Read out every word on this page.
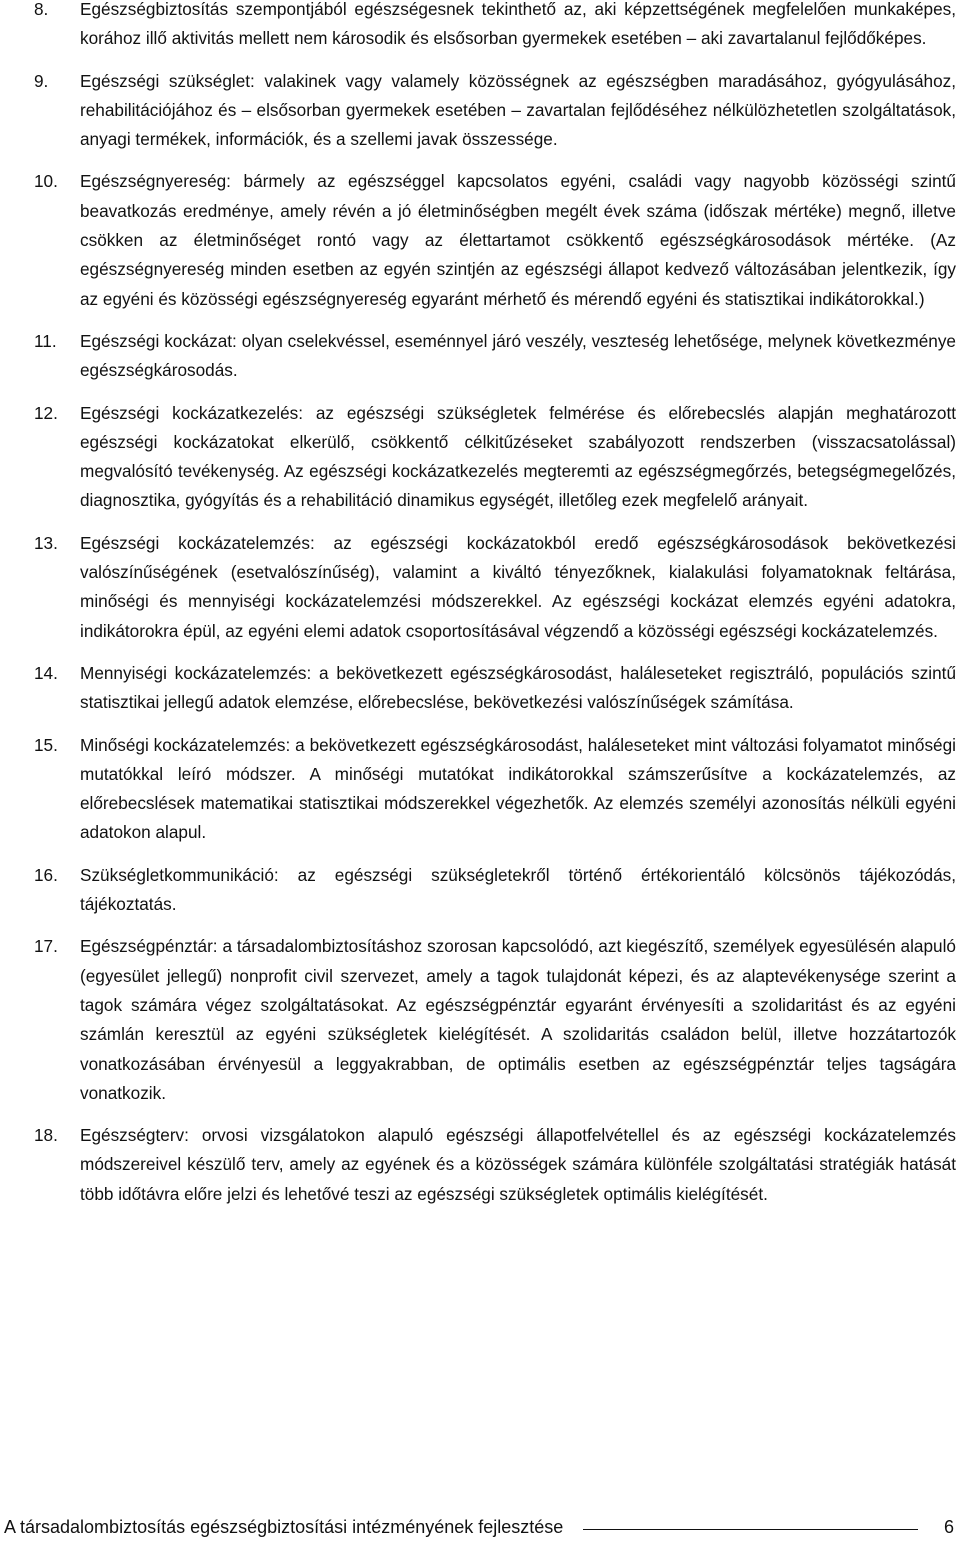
8.	Egészségbiztosítás szempontjából egészségesnek tekinthető az, aki képzettségének megfelelően munkaképes, korához illő aktivitás mellett nem károsodik és elsősorban gyermekek esetében – aki zavartalanul fejlődőképes.
9.	Egészségi szükséglet: valakinek vagy valamely közösségnek az egészségben maradásához, gyógyulásához, rehabilitációjához és – elsősorban gyermekek esetében – zavartalan fejlődéséhez nélkülözhetetlen szolgáltatások, anyagi termékek, információk, és a szellemi javak összessége.
10.	Egészségnyereség: bármely az egészséggel kapcsolatos egyéni, családi vagy nagyobb közösségi szintű beavatkozás eredménye, amely révén a jó életminőségben megélt évek száma (időszak mértéke) megnő, illetve csökken az életminőséget rontó vagy az élettartamot csökkentő egészségkárosodások mértéke. (Az egészségnyereség minden esetben az egyén szintjén az egészségi állapot kedvező változásában jelentkezik, így az egyéni és közösségi egészségnyereség egyaránt mérhető és mérendő egyéni és statisztikai indikátorokkal.)
11.	Egészségi kockázat: olyan cselekvéssel, eseménnyel járó veszély, veszteség lehetősége, melynek következménye egészségkárosodás.
12.	Egészségi kockázatkezelés: az egészségi szükségletek felmérése és előrebecslés alapján meghatározott egészségi kockázatokat elkerülő, csökkentő célkitűzéseket szabályozott rendszerben (visszacsatolással) megvalósító tevékenység. Az egészségi kockázatkezelés megteremti az egészségmegőrzés, betegségmegelőzés, diagnosztika, gyógyítás és a rehabilitáció dinamikus egységét, illetőleg ezek megfelelő arányait.
13.	Egészségi kockázatelemzés: az egészségi kockázatokból eredő egészségkárosodások bekövetkezési valószínűségének (esetvalószínűség), valamint a kiváltó tényezőknek, kialakulási folyamatoknak feltárása, minőségi és mennyiségi kockázatelemzési módszerekkel. Az egészségi kockázat elemzés egyéni adatokra, indikátorokra épül, az egyéni elemi adatok csoportosításával végzendő a közösségi egészségi kockázatelemzés.
14.	Mennyiségi kockázatelemzés: a bekövetkezett egészségkárosodást, haláleseteket regisztráló, populációs szintű statisztikai jellegű adatok elemzése, előrebecslése, bekövetkezési valószínűségek számítása.
15.	Minőségi kockázatelemzés: a bekövetkezett egészségkárosodást, haláleseteket mint változási folyamatot minőségi mutatókkal leíró módszer. A minőségi mutatókat indikátorokkal számszerűsítve a kockázatelemzés, az előrebecslések matematikai statisztikai módszerekkel végezhetők. Az elemzés személyi azonosítás nélküli egyéni adatokon alapul.
16.	Szükségletkommunikáció: az egészségi szükségletekről történő értékorientáló kölcsönös tájékozódás, tájékoztatás.
17.	Egészségpénztár: a társadalombiztosításhoz szorosan kapcsolódó, azt kiegészítő, személyek egyesülésén alapuló (egyesület jellegű) nonprofit civil szervezet, amely a tagok tulajdonát képezi, és az alaptevékenysége szerint a tagok számára végez szolgáltatásokat. Az egészségpénztár egyaránt érvényesíti a szolidaritást és az egyéni számlán keresztül az egyéni szükségletek kielégítését. A szolidaritás családon belül, illetve hozzátartozók vonatkozásában érvényesül a leggyakrabban, de optimális esetben az egészségpénztár teljes tagságára vonatkozik.
18.	Egészségterv: orvosi vizsgálatokon alapuló egészségi állapotfelvétellel és az egészségi kockázatelemzés módszereivel készülő terv, amely az egyének és a közösségek számára különféle szolgáltatási stratégiák hatását több időtávra előre jelzi és lehetővé teszi az egészségi szükségletek optimális kielégítését.
A társadalombiztosítás egészségbiztosítási intézményének fejlesztése	6
